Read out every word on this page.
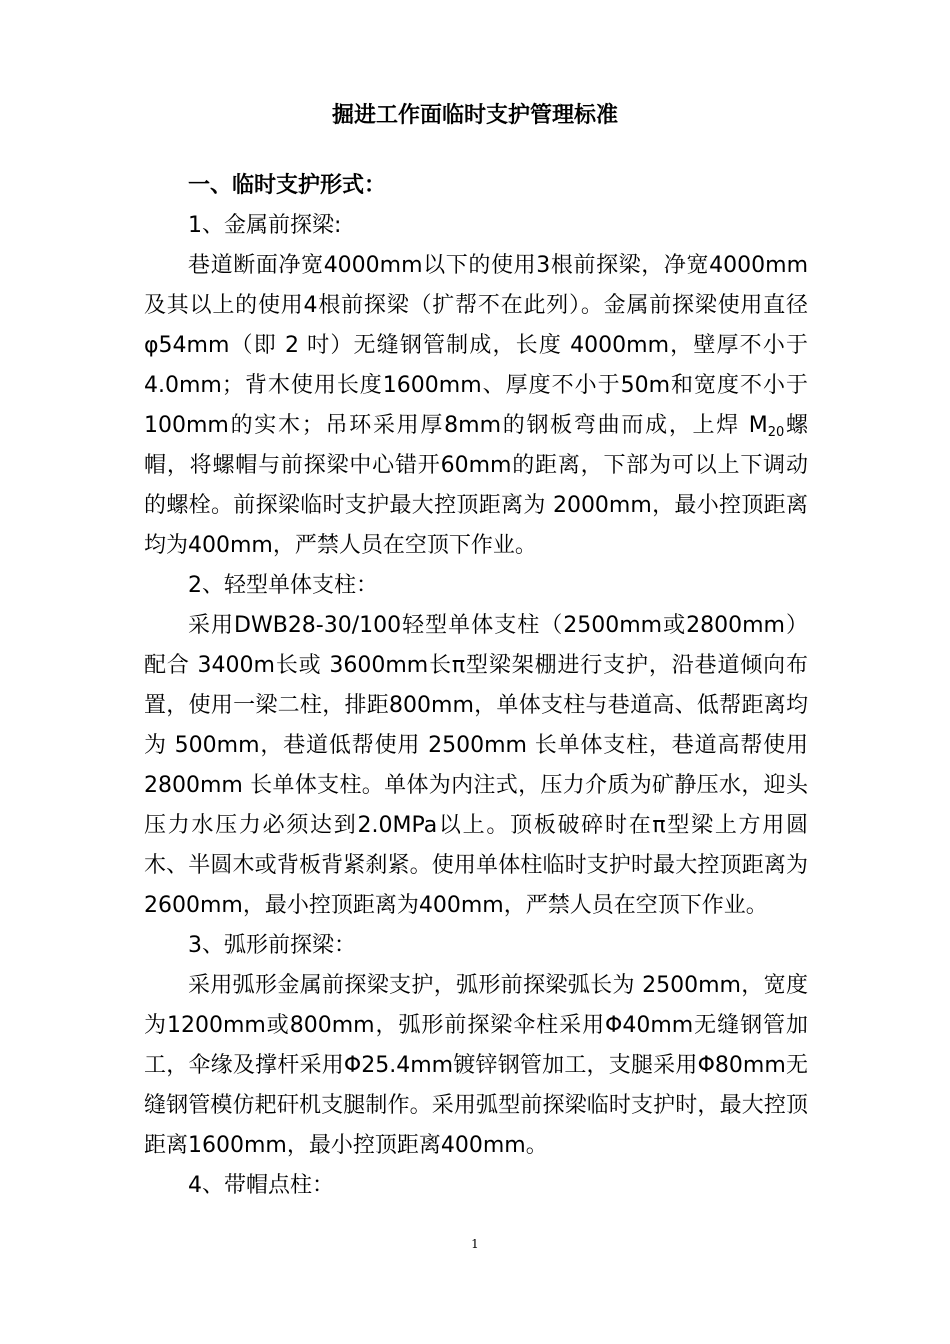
掘进工作面临时支护管理标准

一、临时支护形式：

1、金属前探梁:

巷道断面净宽4000mm以下的使用3根前探梁，净宽4000mm及其以上的使用4根前探梁（扩帮不在此列）。金属前探梁使用直径φ54mm（即 2 吋）无缝钢管制成，长度 4000mm，壁厚不小于4.0mm；背木使用长度1600mm、厚度不小于50m和宽度不小于100mm的实木；吊环采用厚8mm的钢板弯曲而成，上焊 $M_{20}$螺帽，将螺帽与前探梁中心错开60mm的距离，下部为可以上下调动的螺栓。前探梁临时支护最大控顶距离为 2000mm，最小控顶距离均为400mm，严禁人员在空顶下作业。

2、轻型单体支柱：

采用DWB28-30/100轻型单体支柱（2500mm或2800mm）配合 3400m长或 3600mm长π型梁架棚进行支护，沿巷道倾向布置，使用一梁二柱，排距800mm，单体支柱与巷道高、低帮距离均为 500mm，巷道低帮使用 2500mm 长单体支柱，巷道高帮使用2800mm 长单体支柱。单体为内注式，压力介质为矿静压水，迎头压力水压力必须达到2.0MPa以上。顶板破碎时在π型梁上方用圆木、半圆木或背板背紧刹紧。使用单体柱临时支护时最大控顶距离为2600mm，最小控顶距离为400mm，严禁人员在空顶下作业。

3、弧形前探梁：

采用弧形金属前探梁支护，弧形前探梁弧长为 2500mm，宽度为1200mm或800mm，弧形前探梁伞柱采用Φ40mm无缝钢管加工，伞缘及撑杆采用Φ25.4mm镀锌钢管加工，支腿采用Φ80mm无缝钢管模仿耙矸机支腿制作。采用弧型前探梁临时支护时，最大控顶距离1600mm，最小控顶距离400mm。

4、带帽点柱：

1
